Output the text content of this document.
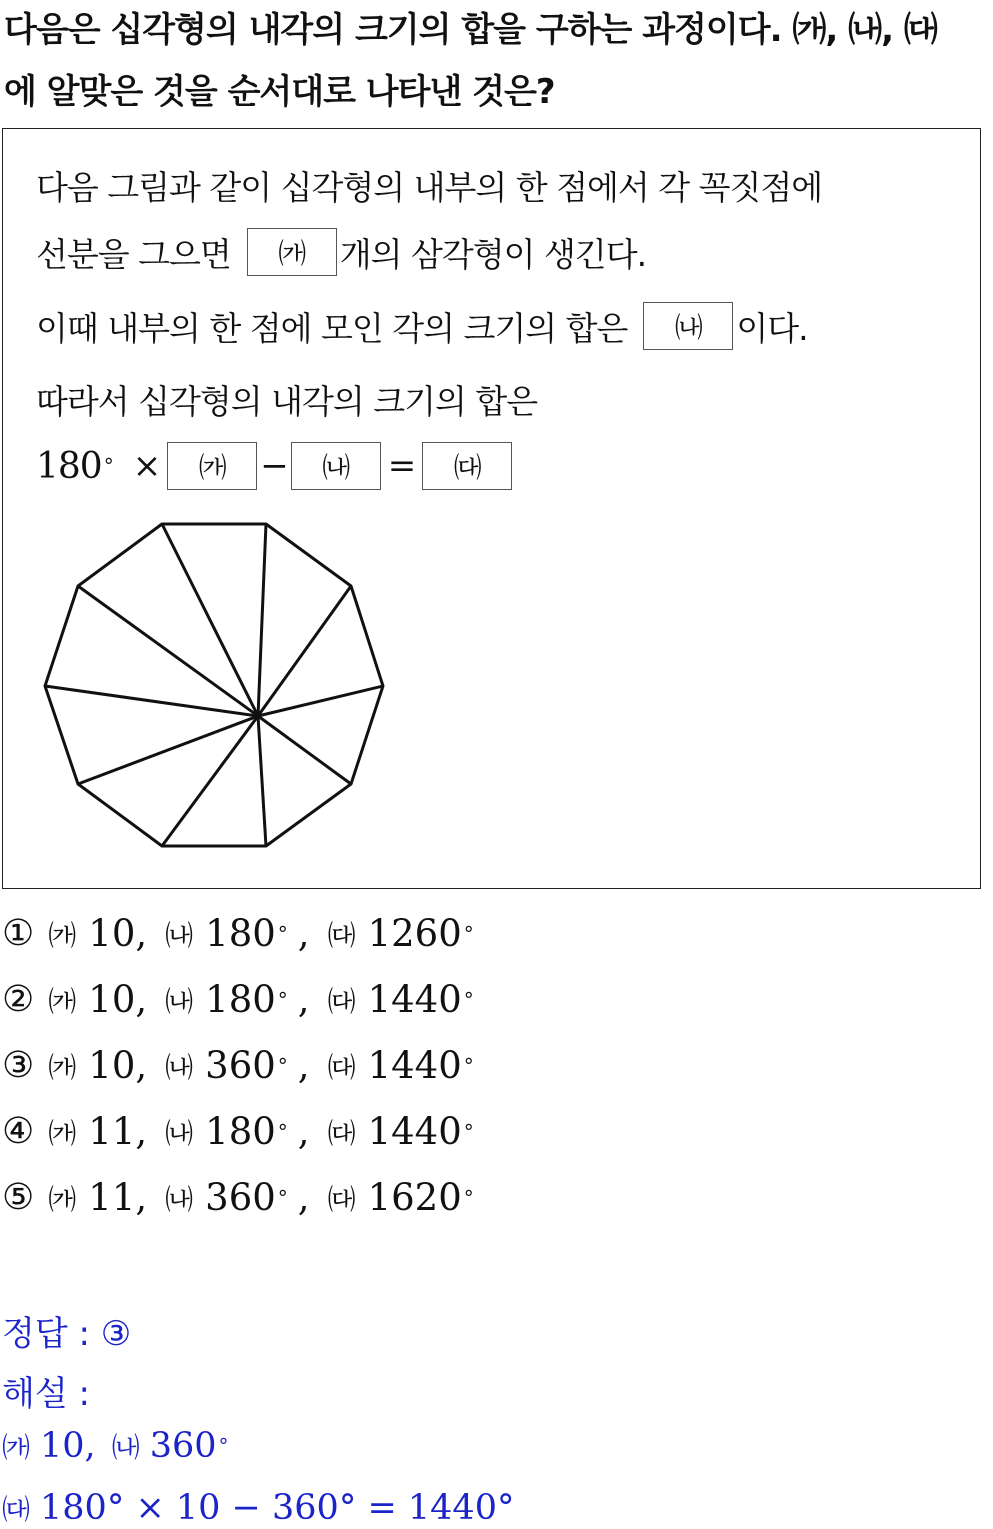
다음은 십각형의 내각의 크기의 합을 구하는 과정이다. ㈎, ㈏, ㈐
에 알맞은 것을 순서대로 나타낸 것은?
다음 그림과 같이 십각형의 내부의 한 점에서 각 꼭짓점에
선분을 그으면	㈎	개의 삼각형이 생긴다.
이때 내부의 한 점에 모인 각의 크기의 합은	㈏	이다.
따라서 십각형의 내각의 크기의 합은
180 ° ×	㈎	−	㈏	=	㈐
① ㈎ 10 , ㈏ 180 ° , ㈐ 1260 °
② ㈎ 10 , ㈏ 180 ° , ㈐ 1440 °
③ ㈎ 10 , ㈏ 360 ° , ㈐ 1440 °
④ ㈎ 11 , ㈏ 180 ° , ㈐ 1440 °
⑤ ㈎ 11 , ㈏ 360 ° , ㈐ 1620 °
정답 : ③
해설 :
㈎ 10, ㈏ 360 °
㈐ 180° × 10 − 360° = 1440°
